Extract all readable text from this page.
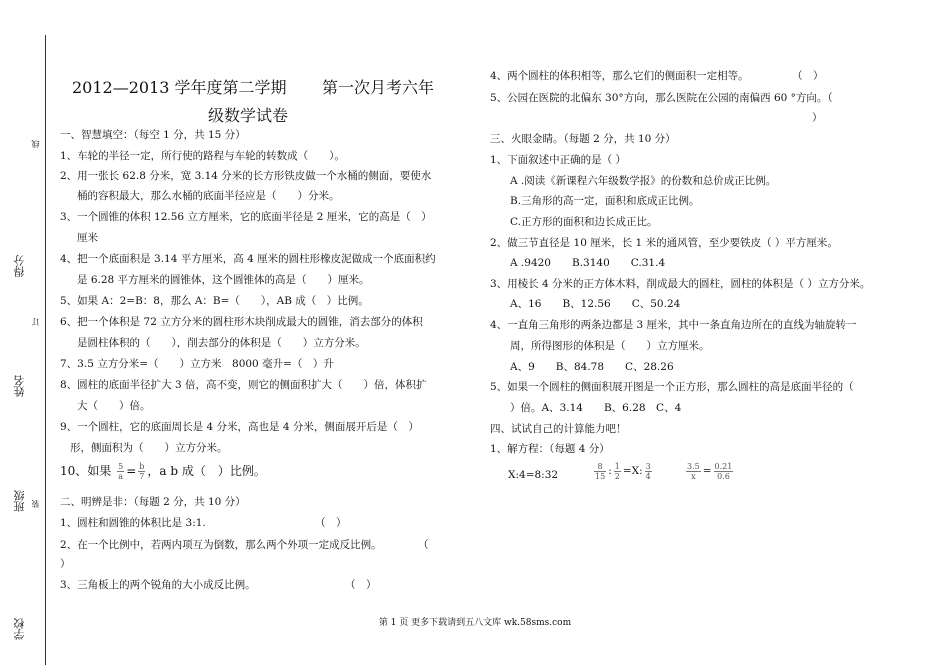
线
得分
订
姓名
班级 装
学校
2012—2013 学年度第二学期 第一次月考六年
级数学试卷
一、智慧填空：（每空 1 分，共 15 分）
1、车轮的半径一定，所行使的路程与车轮的转数成（　　）。
2、用一张长 62.8 分米，宽 3.14 分米的长方形铁皮做一个水桶的侧面，要使水
桶的容积最大，那么水桶的底面半径应是（　　）分米。
3、一个圆锥的体积 12.56 立方厘米，它的底面半径是 2 厘米，它的高是（　）
厘米
4、把一个底面积是 3.14 平方厘米，高 4 厘米的圆柱形橡皮泥做成一个底面积约
是 6.28 平方厘米的圆锥体，这个圆锥体的高是（　　）厘米。
5、如果 A：2=B：8，那么 A：B=（　　），AB 成（　）比例。
6、把一个体积是 72 立方分米的圆柱形木块削成最大的圆锥，消去部分的体积
是圆柱体积的（　　），削去部分的体积是（　　）立方分米。
7、3.5 立方分米=（　　）立方米　8000 毫升=（　）升
8、圆柱的底面半径扩大 3 倍，高不变，则它的侧面积扩大（　　）倍，体积扩
大（　　）倍。
9、一个圆柱，它的底面周长是 4 分米，高也是 4 分米，侧面展开后是（　）
形，侧面积为（　　）立方分米。
10、如果 $\frac{5}{a} = \frac{b}{7}$ ，a b 成（　）比例。
二、明辨是非：（每题 2 分，共 10 分）
1、圆柱和圆锥的体积比是 3:1.	（　）
2、在一个比例中，若两内项互为倒数，那么两个外项一定成反比例。	（
）
3、三角板上的两个锐角的大小成反比例。	（　）
4、两个圆柱的体积相等，那么它们的侧面积一定相等。	（　）
5、公园在医院的北偏东 30°方向，那么医院在公园的南偏西 60 °方向。（
）
三、火眼金睛。（每题 2 分，共 10 分）
1、下面叙述中正确的是（ ）
A .阅读《新课程六年级数学报》的份数和总价成正比例。
B.三角形的高一定，面积和底成正比例。
C.正方形的面积和边长成正比。
2、做三节直径是 10 厘米，长 1 米的通风管，至少要铁皮（ ）平方厘米。
A .9420　　B.3140　　C.31.4
3、用棱长 4 分米的正方体木料，削成最大的圆柱，圆柱的体积是（ ）立方分米。
A、16　　B、12.56　　C、50.24
4、一直角三角形的两条边都是 3 厘米，其中一条直角边所在的直线为轴旋转一
周，所得图形的体积是（　　）立方厘米。
A、9　　B、84.78　　C、28.26
5、如果一个圆柱的侧面积展开图是一个正方形，那么圆柱的高是底面半径的（
）倍。A、3.14　　B、6.28　C、4
四、试试自己的计算能力吧！
1、解方程：（每题 4 分）
X:4=8:32	$\frac{8}{15}$ : $\frac{1}{2} =X$: $\frac{3}{4}$	$\frac{3.5}{x} = \frac{0.21}{0.6}$
第 1 页 更多下载请到五八文库 wk.58sms.com
